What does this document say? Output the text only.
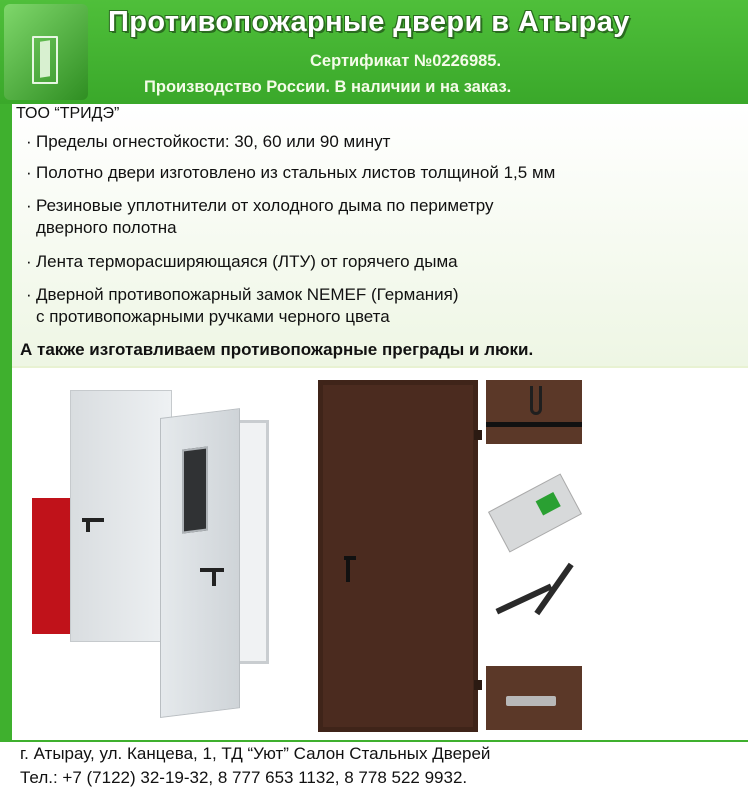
Противопожарные двери в Атырау
Сертификат №0226985.
Производство России. В наличии и на заказ.
ТОО “ТРИДЭ”
· Пределы огнестойкости: 30, 60 или 90 минут
· Полотно двери изготовлено из стальных листов толщиной 1,5 мм
· Резиновые уплотнители от холодного дыма по периметру
дверного полотна
· Лента терморасширяющаяся (ЛТУ) от горячего дыма
· Дверной противопожарный замок NEMEF (Германия)
с противопожарными ручками черного цвета
А также изготавливаем противопожарные преграды и люки.
г. Атырау, ул. Канцева, 1, ТД “Уют” Салон Стальных Дверей
Тел.: +7 (7122) 32-19-32, 8 777 653 1132, 8 778 522 9932.
